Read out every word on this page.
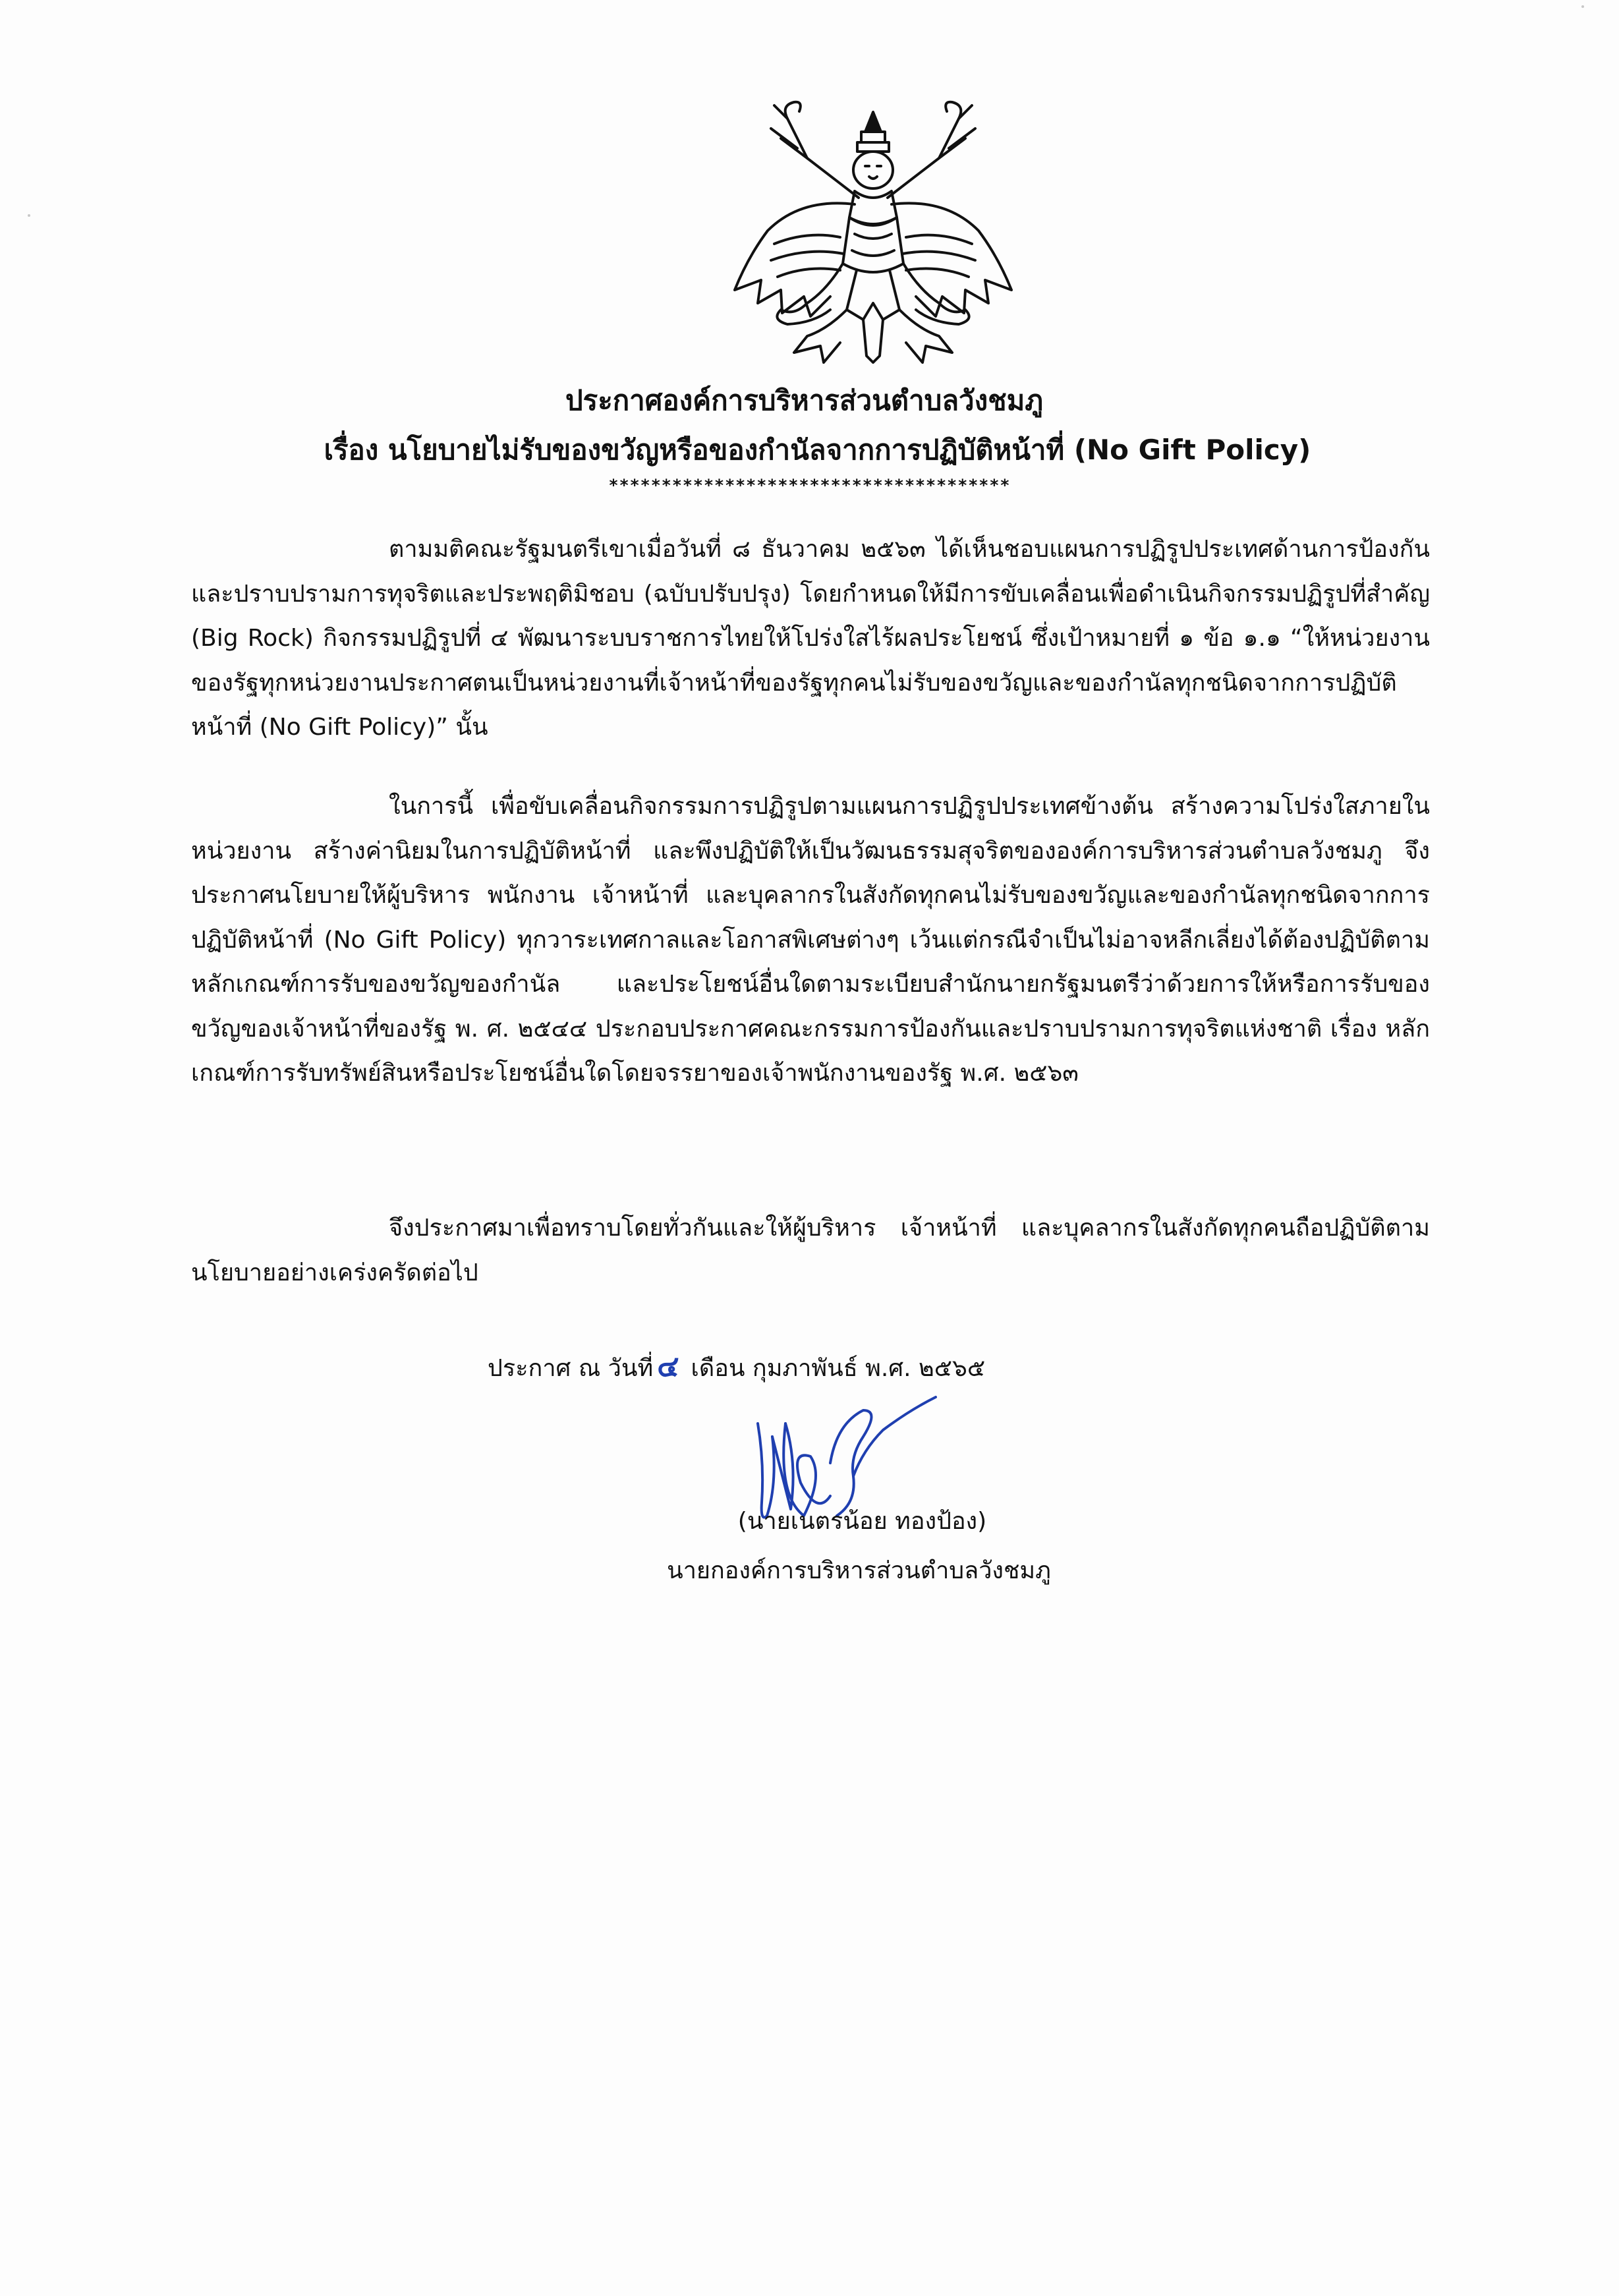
ประกาศองค์การบริหารส่วนตำบลวังชมภู
เรื่อง นโยบายไม่รับของขวัญหรือของกำนัลจากการปฏิบัติหน้าที่ (No Gift Policy)
**************************************
ตามมติคณะรัฐมนตรีเขาเมื่อวันที่ ๘ ธันวาคม ๒๕๖๓ ได้เห็นชอบแผนการปฏิรูปประเทศด้านการป้องกันและปราบปรามการทุจริตและประพฤติมิชอบ (ฉบับปรับปรุง) โดยกำหนดให้มีการขับเคลื่อนเพื่อดำเนินกิจกรรมปฏิรูปที่สำคัญ (Big Rock) กิจกรรมปฏิรูปที่ ๔ พัฒนาระบบราชการไทยให้โปร่งใสไร้ผลประโยชน์ ซึ่งเป้าหมายที่ ๑ ข้อ ๑.๑ “ให้หน่วยงานของรัฐทุกหน่วยงานประกาศตนเป็นหน่วยงานที่เจ้าหน้าที่ของรัฐทุกคนไม่รับของขวัญและของกำนัลทุกชนิดจากการปฏิบัติหน้าที่ (No Gift Policy)” นั้น
ในการนี้ เพื่อขับเคลื่อนกิจกรรมการปฏิรูปตามแผนการปฏิรูปประเทศข้างต้น สร้างความโปร่งใสภายในหน่วยงาน สร้างค่านิยมในการปฏิบัติหน้าที่ และพึงปฏิบัติให้เป็นวัฒนธรรมสุจริตขององค์การบริหารส่วนตำบลวังชมภู จึงประกาศนโยบายให้ผู้บริหาร พนักงาน เจ้าหน้าที่ และบุคลากรในสังกัดทุกคนไม่รับของขวัญและของกำนัลทุกชนิดจากการปฏิบัติหน้าที่ (No Gift Policy) ทุกวาระเทศกาลและโอกาสพิเศษต่างๆ เว้นแต่กรณีจำเป็นไม่อาจหลีกเลี่ยงได้ต้องปฏิบัติตามหลักเกณฑ์การรับของขวัญของกำนัล และประโยชน์อื่นใดตามระเบียบสำนักนายกรัฐมนตรีว่าด้วยการให้หรือการรับของขวัญของเจ้าหน้าที่ของรัฐ พ. ศ. ๒๕๔๔ ประกอบประกาศคณะกรรมการป้องกันและปราบปรามการทุจริตแห่งชาติ เรื่อง หลักเกณฑ์การรับทรัพย์สินหรือประโยชน์อื่นใดโดยจรรยาของเจ้าพนักงานของรัฐ พ.ศ. ๒๕๖๓
จึงประกาศมาเพื่อทราบโดยทั่วกันและให้ผู้บริหาร เจ้าหน้าที่ และบุคลากรในสังกัดทุกคนถือปฏิบัติตามนโยบายอย่างเคร่งครัดต่อไป
ประกาศ ณ วันที่ ๔ เดือน กุมภาพันธ์ พ.ศ. ๒๕๖๕
(นายเนตรน้อย ทองป้อง)
นายกองค์การบริหารส่วนตำบลวังชมภู
